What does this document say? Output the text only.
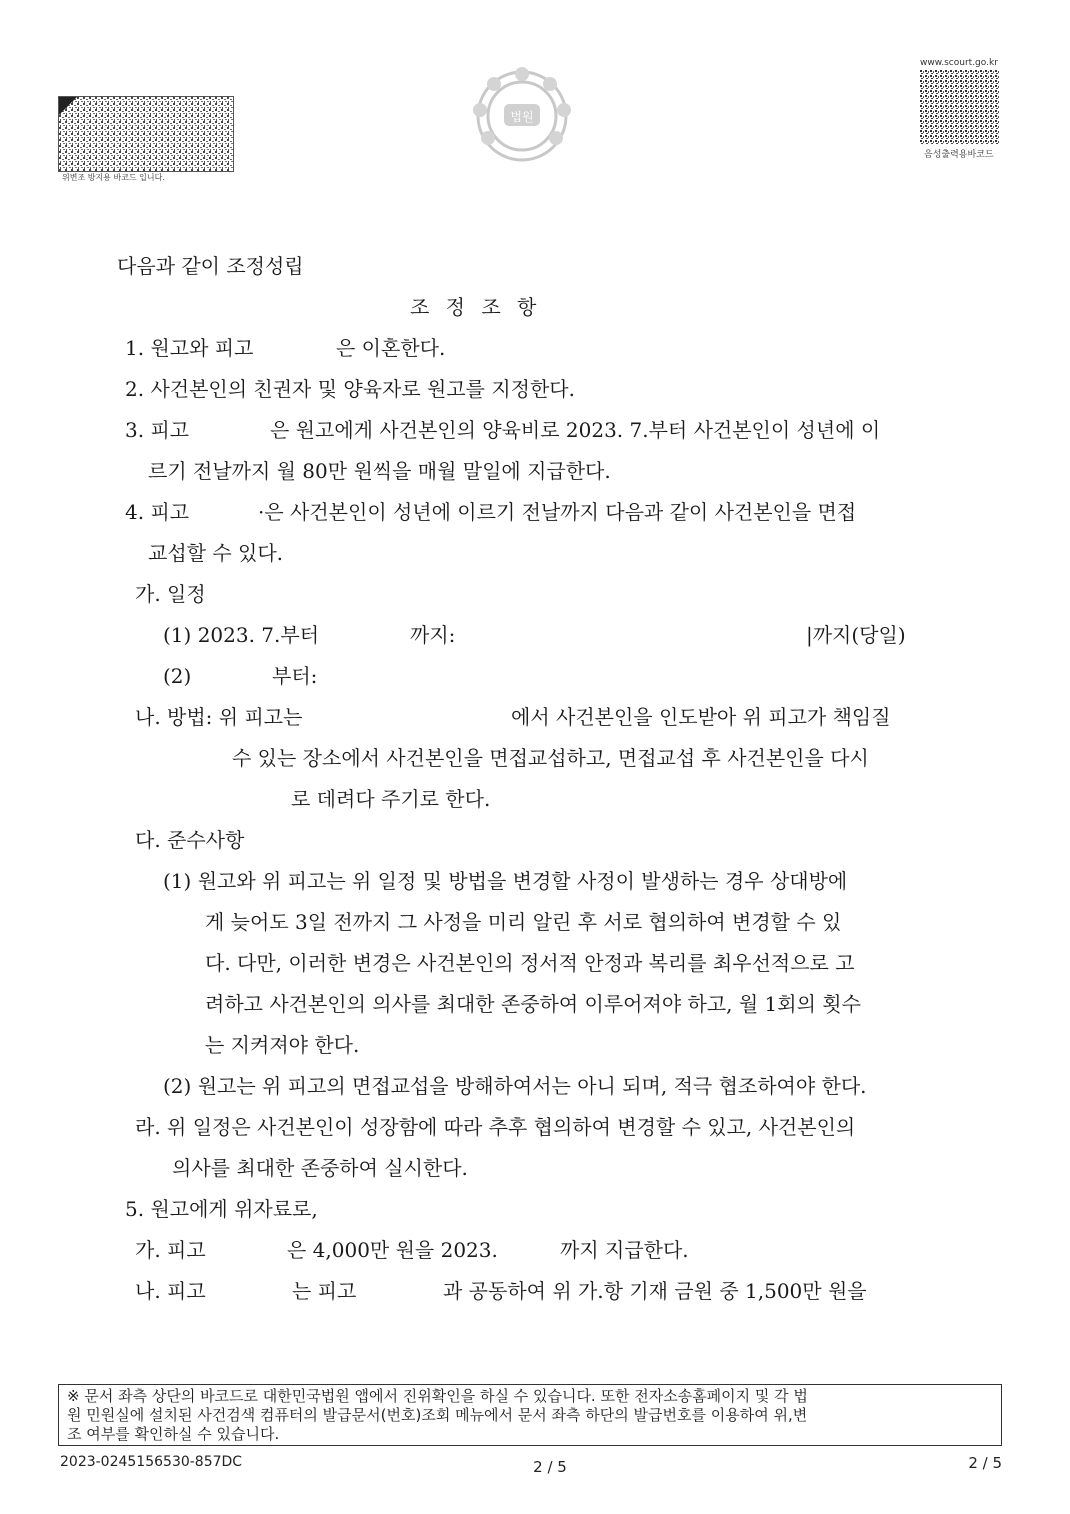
위변조 방지용 바코드 입니다.
법원
www.scourt.go.kr
음성출력용바코드
다음과 같이 조정성립
조 정 조 항
1. 원고와 피고	은 이혼한다.
2. 사건본인의 친권자 및 양육자로 원고를 지정한다.
3. 피고	은 원고에게 사건본인의 양육비로 2023. 7.부터 사건본인이 성년에 이
르기 전날까지 월 80만 원씩을 매월 말일에 지급한다.
4. 피고	·은 사건본인이 성년에 이르기 전날까지 다음과 같이 사건본인을 면접
교섭할 수 있다.
가. 일정
(1) 2023. 7.부터	까지:	|까지(당일)
(2)	부터:
나. 방법: 위 피고는	에서 사건본인을 인도받아 위 피고가 책임질
수 있는 장소에서 사건본인을 면접교섭하고, 면접교섭 후 사건본인을 다시
로 데려다 주기로 한다.
다. 준수사항
(1) 원고와 위 피고는 위 일정 및 방법을 변경할 사정이 발생하는 경우 상대방에
게 늦어도 3일 전까지 그 사정을 미리 알린 후 서로 협의하여 변경할 수 있
다. 다만, 이러한 변경은 사건본인의 정서적 안정과 복리를 최우선적으로 고
려하고 사건본인의 의사를 최대한 존중하여 이루어져야 하고, 월 1회의 횟수
는 지켜져야 한다.
(2) 원고는 위 피고의 면접교섭을 방해하여서는 아니 되며, 적극 협조하여야 한다.
라. 위 일정은 사건본인이 성장함에 따라 추후 협의하여 변경할 수 있고, 사건본인의
의사를 최대한 존중하여 실시한다.
5. 원고에게 위자료로,
가. 피고	은 4,000만 원을 2023.	까지 지급한다.
나. 피고	는 피고	과 공동하여 위 가.항 기재 금원 중 1,500만 원을
※ 문서 좌측 상단의 바코드로 대한민국법원 앱에서 진위확인을 하실 수 있습니다. 또한 전자소송홈페이지 및 각 법
원 민원실에 설치된 사건검색 컴퓨터의 발급문서(번호)조회 메뉴에서 문서 좌측 하단의 발급번호를 이용하여 위,변
조 여부를 확인하실 수 있습니다.
2023-0245156530-857DC	2 / 5	2 / 5
